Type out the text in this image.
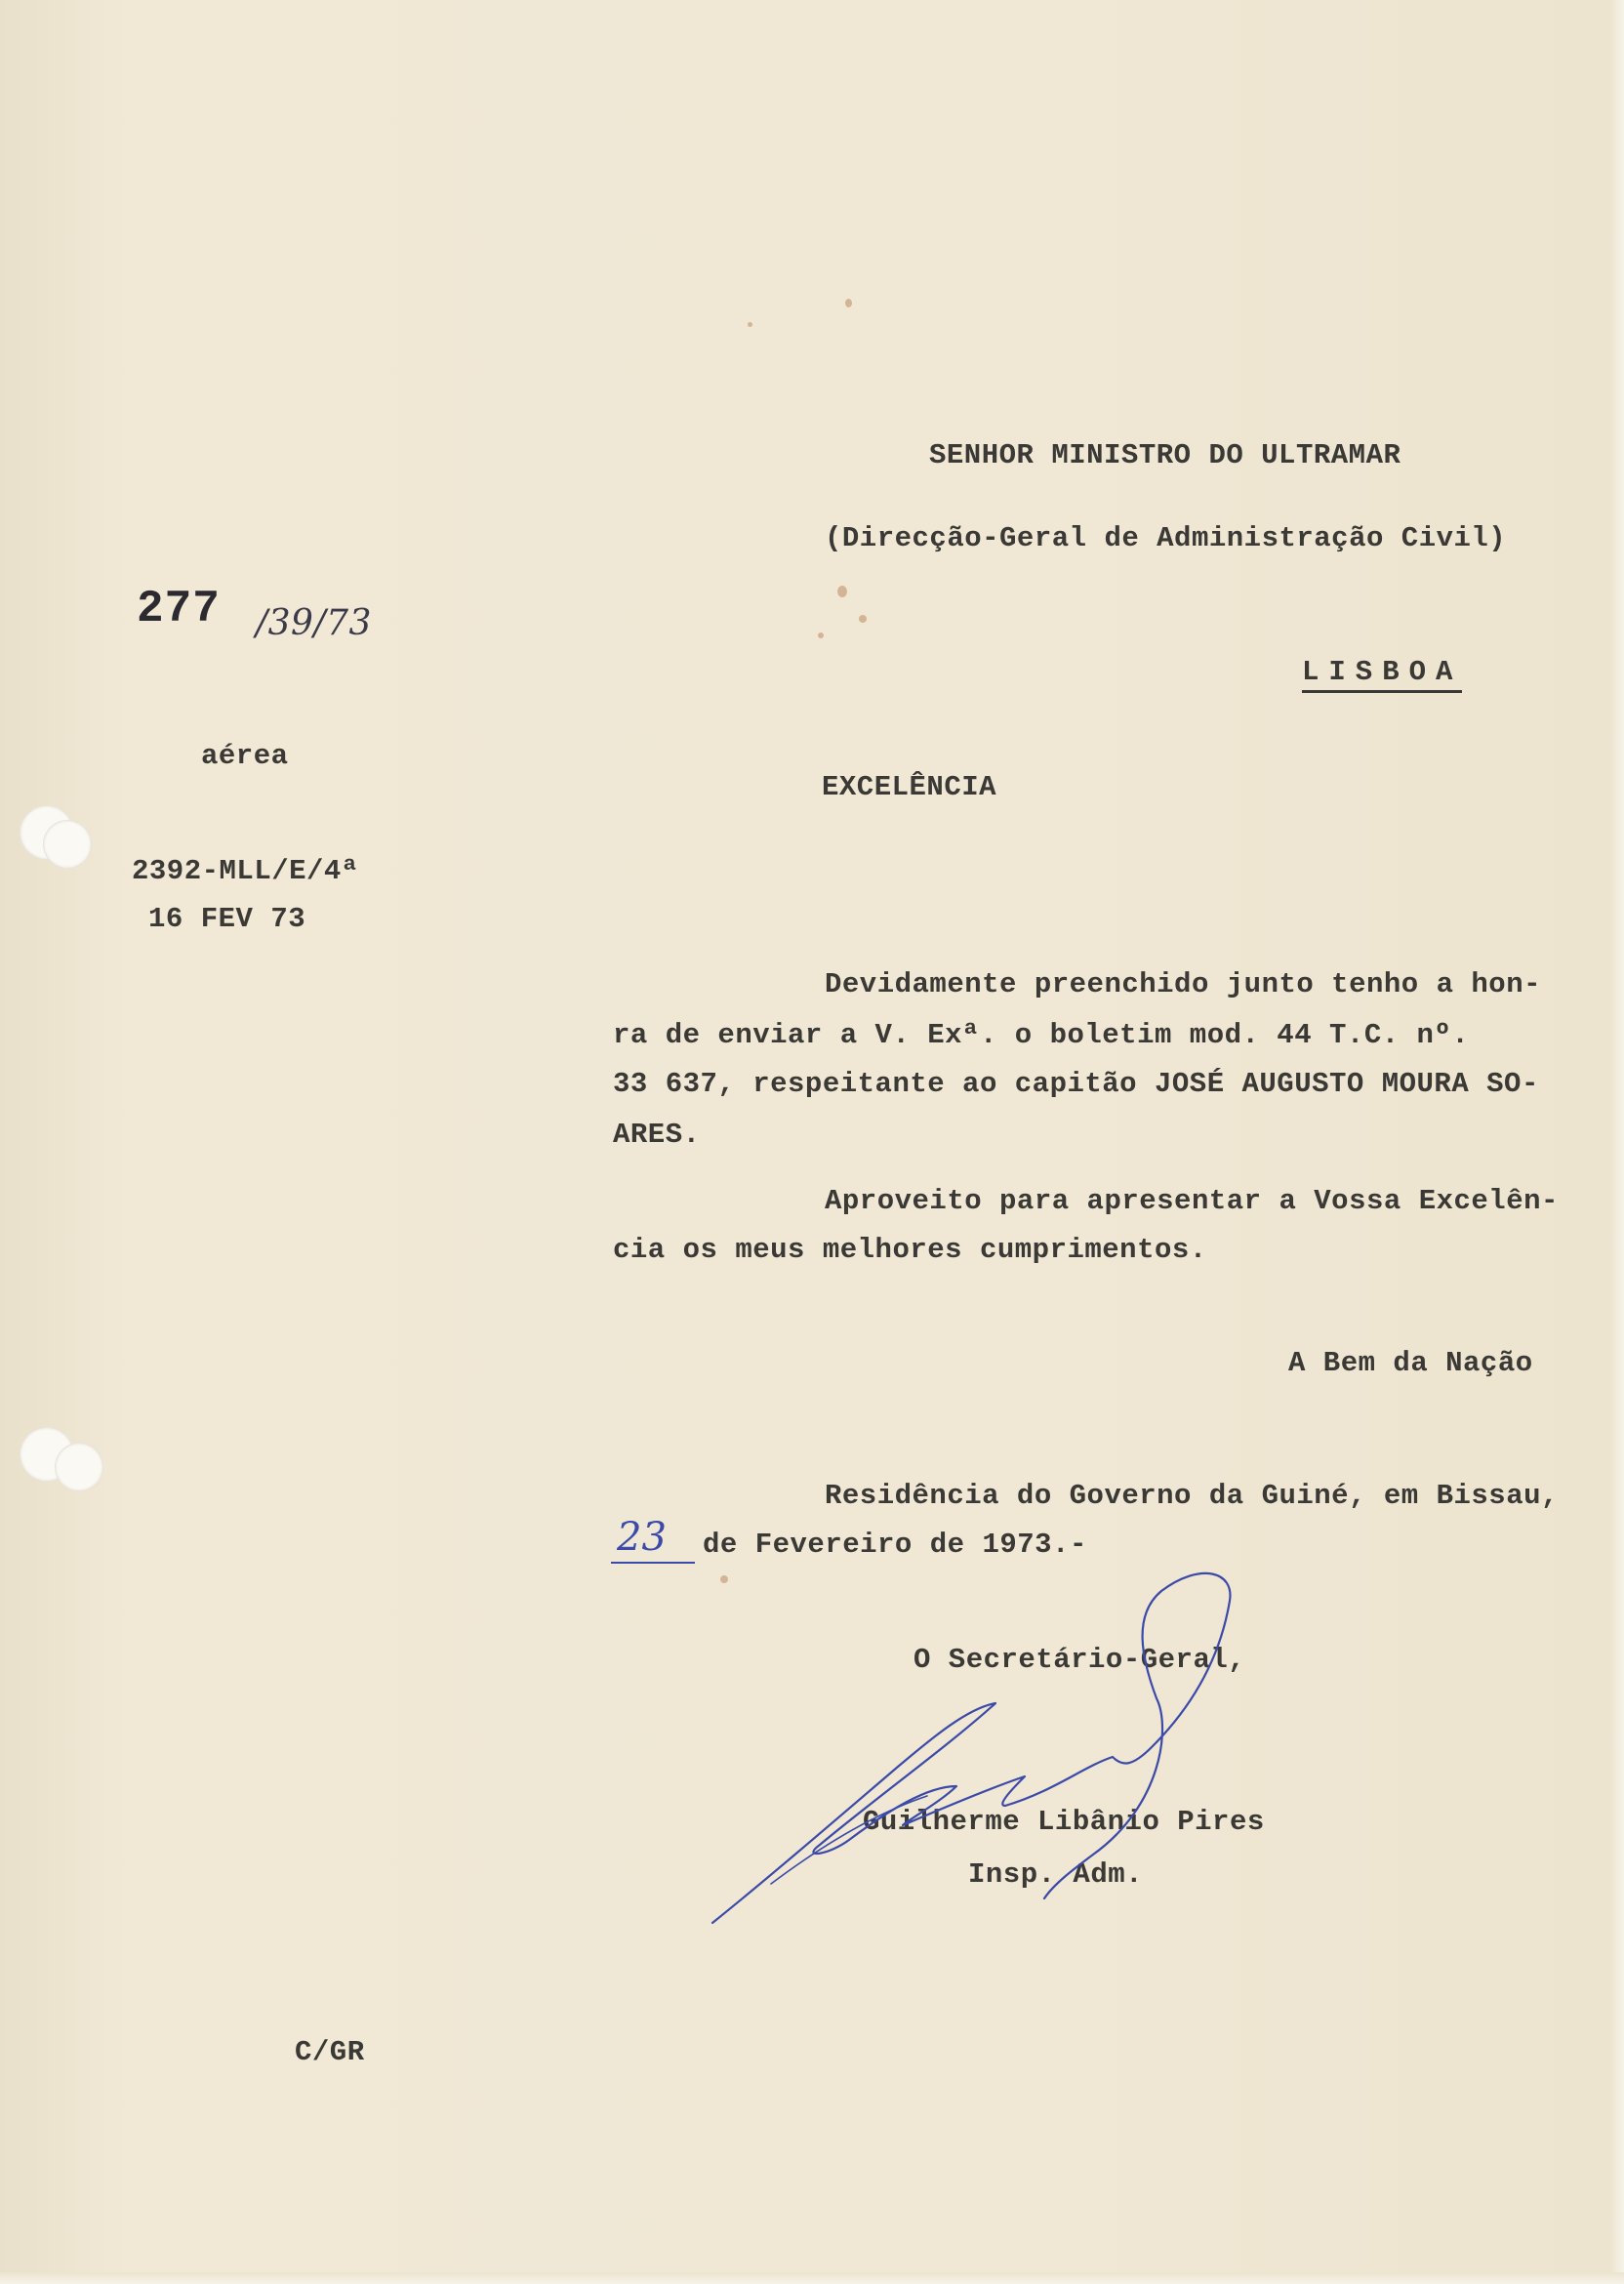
SENHOR MINISTRO DO ULTRAMAR
(Direcção-Geral de Administração Civil)
LISBOA
277 /39/73
aérea
2392-MLL/E/4ª
16 FEV 73
EXCELÊNCIA
Devidamente preenchido junto tenho a hon-
ra de enviar a V. Exª. o boletim mod. 44 T.C. nº.
33 637, respeitante ao capitão JOSÉ AUGUSTO MOURA SO-
ARES.
Aproveito para apresentar a Vossa Excelên-
cia os meus melhores cumprimentos.
A Bem da Nação
Residência do Governo da Guiné, em Bissau,
23 de Fevereiro de 1973.-
O Secretário-Geral,
Guilherme Libânio Pires
Insp. Adm.
C/GR
